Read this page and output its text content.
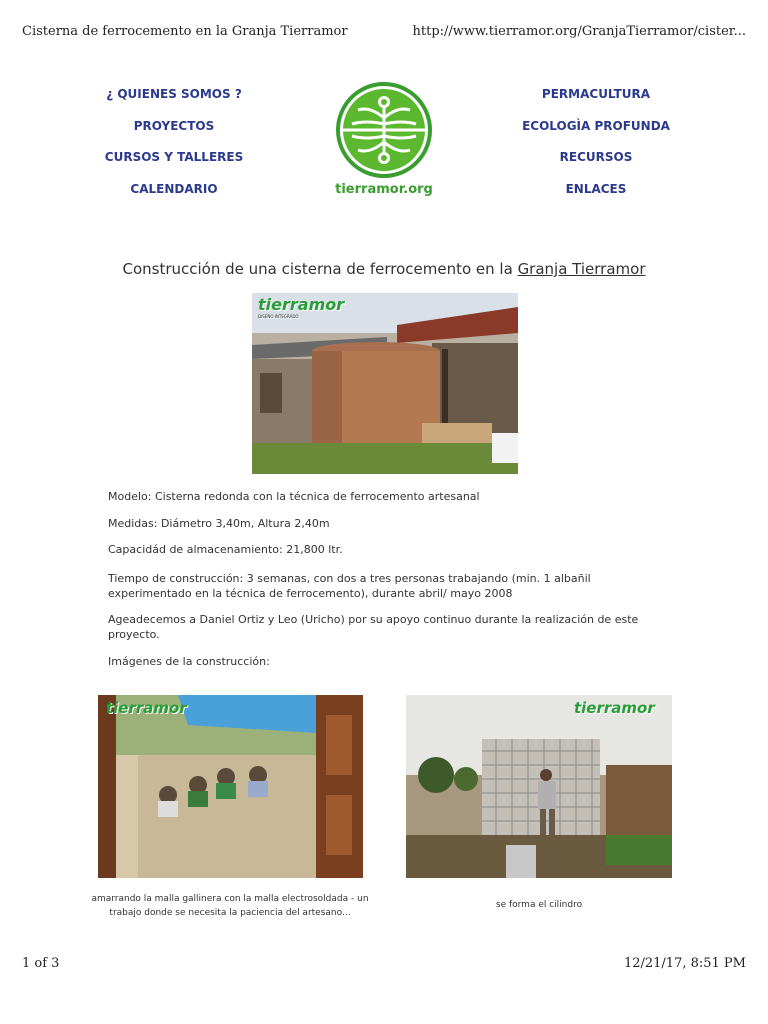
Cisterna de ferrocemento en la Granja Tierramor	http://www.tierramor.org/GranjaTierramor/cister...
¿ QUIENES SOMOS ?
PROYECTOS
CURSOS Y TALLERES
CALENDARIO	tierramor.org
PERMACULTURA
ECOLOGÌA PROFUNDA
RECURSOS
ENLACES
Construcción de una cisterna de ferrocemento en la Granja Tierramor
tierramor
DISEÑO INTEGRADO
Modelo: Cisterna redonda con la técnica de ferrocemento artesanal
Medidas: Diámetro 3,40m, Altura 2,40m
Capacidád de almacenamiento: 21,800 ltr.
Tiempo de construcción: 3 semanas, con dos a tres personas trabajando (min. 1 albañil experimentado en la técnica de ferrocemento), durante abril/ mayo 2008
Ageadecemos a Daniel Ortiz y Leo (Uricho) por su apoyo continuo durante la realización de este proyecto.
Imágenes de la construcción:
tierramor	tierramor
amarrando la malla gallinera con la malla electrosoldada - un trabajo donde se necesita la paciencia del artesano...
se forma el cilindro
1 of 3	12/21/17, 8:51 PM
